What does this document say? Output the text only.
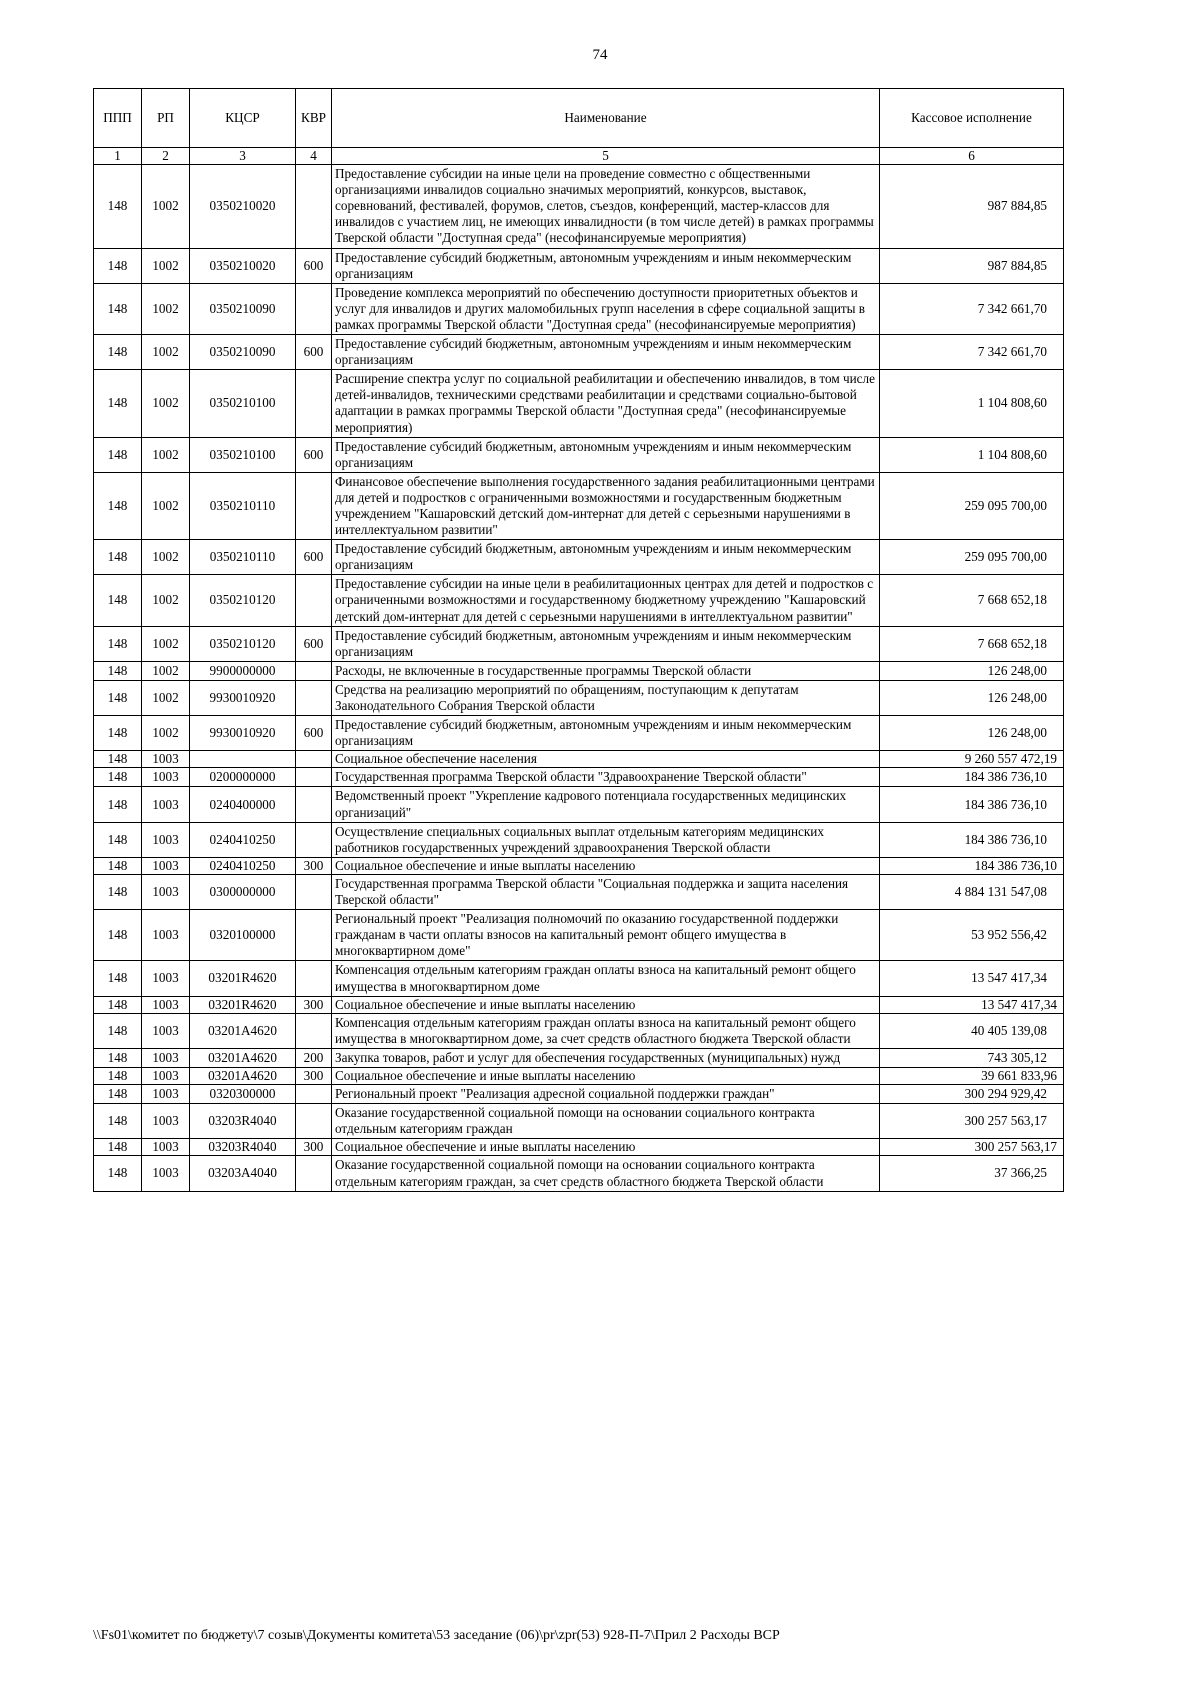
74
ППП	РП	КЦСР	КВР	Наименование	Кассовое исполнение
1	2	3	4	5	6
148	1002	0350210020		Предоставление субсидии на иные цели на проведение совместно с общественными организациями инвалидов социально значимых мероприятий, конкурсов, выставок, соревнований, фестивалей, форумов, слетов, съездов, конференций, мастер-классов для инвалидов с участием лиц, не имеющих инвалидности (в том числе детей) в рамках программы Тверской области "Доступная среда" (несофинансируемые мероприятия)	987 884,85
148	1002	0350210020	600	Предоставление субсидий бюджетным, автономным учреждениям и иным некоммерческим организациям	987 884,85
148	1002	0350210090		Проведение комплекса мероприятий по обеспечению доступности приоритетных объектов и услуг для инвалидов и других маломобильных групп населения в сфере социальной защиты в рамках программы Тверской области "Доступная среда" (несофинансируемые мероприятия)	7 342 661,70
148	1002	0350210090	600	Предоставление субсидий бюджетным, автономным учреждениям и иным некоммерческим организациям	7 342 661,70
148	1002	0350210100		Расширение спектра услуг по социальной реабилитации и обеспечению инвалидов, в том числе детей-инвалидов, техническими средствами реабилитации и средствами социально-бытовой адаптации в рамках программы Тверской области "Доступная среда" (несофинансируемые мероприятия)	1 104 808,60
148	1002	0350210100	600	Предоставление субсидий бюджетным, автономным учреждениям и иным некоммерческим организациям	1 104 808,60
148	1002	0350210110		Финансовое обеспечение выполнения государственного задания реабилитационными центрами для детей и подростков с ограниченными возможностями и государственным бюджетным учреждением "Кашаровский детский дом-интернат для детей с серьезными нарушениями в интеллектуальном развитии"	259 095 700,00
148	1002	0350210110	600	Предоставление субсидий бюджетным, автономным учреждениям и иным некоммерческим организациям	259 095 700,00
148	1002	0350210120		Предоставление субсидии на иные цели в реабилитационных центрах для детей и подростков с ограниченными возможностями и государственному бюджетному учреждению "Кашаровский детский дом-интернат для детей с серьезными нарушениями в интеллектуальном развитии"	7 668 652,18
148	1002	0350210120	600	Предоставление субсидий бюджетным, автономным учреждениям и иным некоммерческим организациям	7 668 652,18
148	1002	9900000000		Расходы, не включенные в государственные программы Тверской области	126 248,00
148	1002	9930010920		Средства на реализацию мероприятий по обращениям, поступающим к депутатам Законодательного Собрания Тверской области	126 248,00
148	1002	9930010920	600	Предоставление субсидий бюджетным, автономным учреждениям и иным некоммерческим организациям	126 248,00
148	1003			Социальное обеспечение населения	9 260 557 472,19
148	1003	0200000000		Государственная программа Тверской области "Здравоохранение Тверской области"	184 386 736,10
148	1003	0240400000		Ведомственный проект "Укрепление кадрового потенциала государственных медицинских организаций"	184 386 736,10
148	1003	0240410250		Осуществление специальных социальных выплат отдельным категориям медицинских работников государственных учреждений здравоохранения Тверской области	184 386 736,10
148	1003	0240410250	300	Социальное обеспечение и иные выплаты населению	184 386 736,10
148	1003	0300000000		Государственная программа Тверской области "Социальная поддержка и защита населения Тверской области"	4 884 131 547,08
148	1003	0320100000		Региональный проект "Реализация полномочий по оказанию государственной поддержки гражданам в части оплаты взносов на капитальный ремонт общего имущества в многоквартирном доме"	53 952 556,42
148	1003	03201R4620		Компенсация отдельным категориям граждан оплаты взноса на капитальный ремонт общего имущества в многоквартирном доме	13 547 417,34
148	1003	03201R4620	300	Социальное обеспечение и иные выплаты населению	13 547 417,34
148	1003	03201A4620		Компенсация отдельным категориям граждан оплаты взноса на капитальный ремонт общего имущества в многоквартирном доме, за счет средств областного бюджета Тверской области	40 405 139,08
148	1003	03201A4620	200	Закупка товаров, работ и услуг для обеспечения государственных (муниципальных) нужд	743 305,12
148	1003	03201A4620	300	Социальное обеспечение и иные выплаты населению	39 661 833,96
148	1003	0320300000		Региональный проект "Реализация адресной социальной поддержки граждан"	300 294 929,42
148	1003	03203R4040		Оказание государственной социальной помощи на основании социального контракта отдельным категориям граждан	300 257 563,17
148	1003	03203R4040	300	Социальное обеспечение и иные выплаты населению	300 257 563,17
148	1003	03203A4040		Оказание государственной социальной помощи на основании социального контракта отдельным категориям граждан, за счет средств областного бюджета Тверской области	37 366,25
\\Fs01\комитет по бюджету\7 созыв\Документы комитета\53 заседание (06)\pr\zpr(53) 928-П-7\Прил 2 Расходы ВСР
